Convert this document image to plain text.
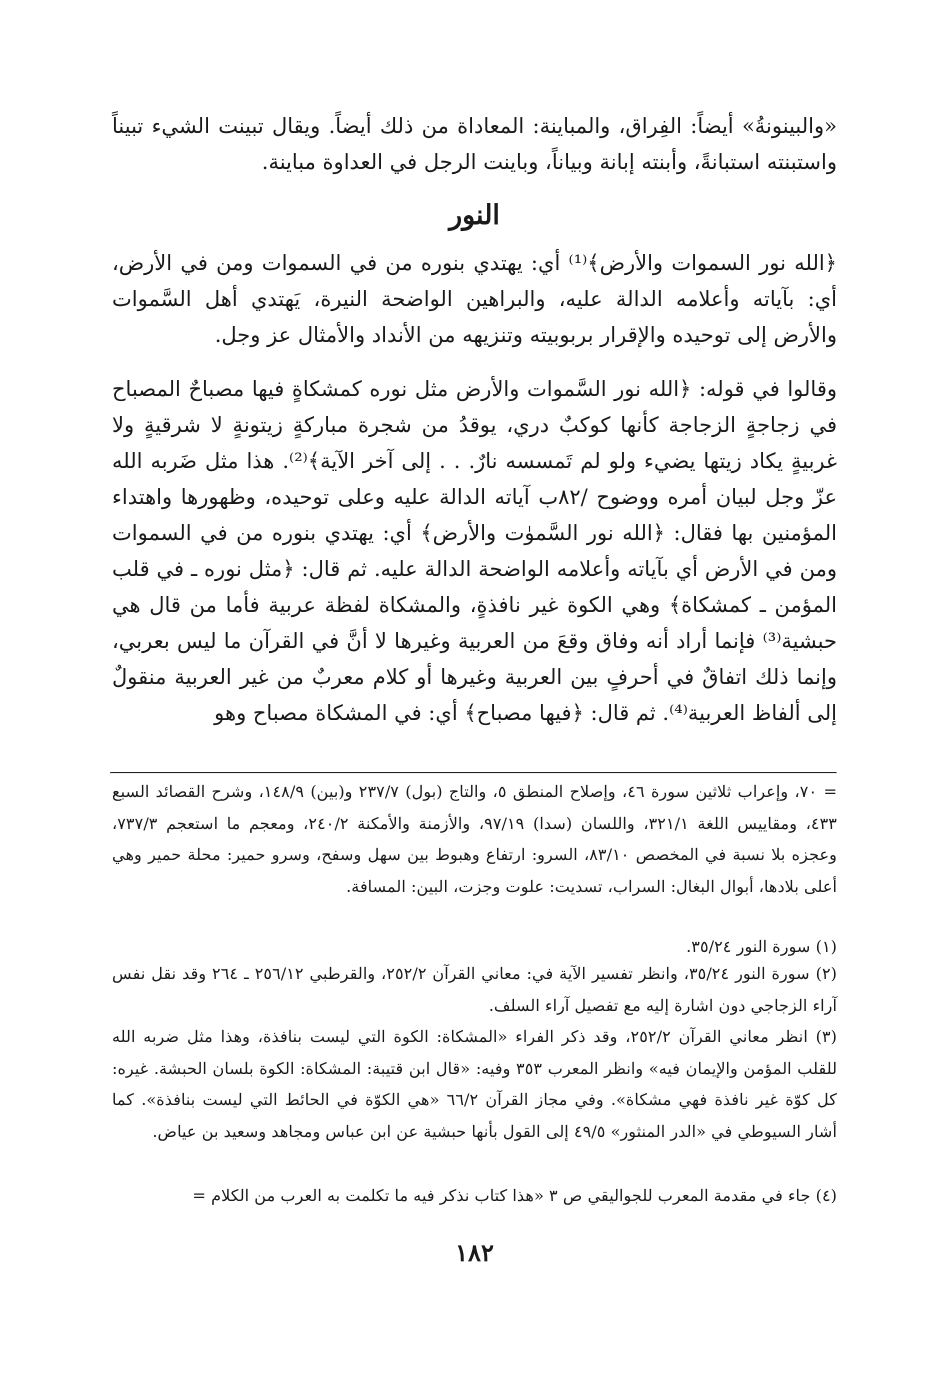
«والبينونةُ» أيضاً: الفِراق، والمباينة: المعاداة من ذلك أيضاً. ويقال تبينت الشيء تبيناً واستبنته استبانةً، وأبنته إبانة وبياناً، وباينت الرجل في العداوة مباينة.

النور

﴿الله نور السموات والأرض﴾⁽¹⁾ أي: يهتدي بنوره من في السموات ومن في الأرض، أي: بآياته وأعلامه الدالة عليه، والبراهين الواضحة النيرة، يَهتدي أهل السَّموات والأرض إلى توحيده والإقرار بربوبيته وتنزيهه من الأنداد والأمثال عز وجل.

وقالوا في قوله: ﴿الله نور السَّموات والأرض مثل نوره كمشكاةٍ فيها مصباحٌ المصباح في زجاجةٍ الزجاجة كأنها كوكبٌ دري، يوقدُ من شجرة مباركةٍ زيتونةٍ لا شرقيةٍ ولا غربيةٍ يكاد زيتها يضيء ولو لم تَمسسه نارٌ. . . إلى آخر الآية﴾⁽²⁾. هذا مثل ضَربه الله عزّ وجل لبيان أمره ووضوح /٨٢ب آياته الدالة عليه وعلى توحيده، وظهورها واهتداء المؤمنين بها فقال: ﴿الله نور السَّموٰت والأرض﴾ أي: يهتدي بنوره من في السموات ومن في الأرض أي بآياته وأعلامه الواضحة الدالة عليه. ثم قال: ﴿مثل نوره ـ في قلب المؤمن ـ كمشكاة﴾ وهي الكوة غير نافذةٍ، والمشكاة لفظة عربية فأما من قال هي حبشية⁽³⁾ فإنما أراد أنه وفاق وقعَ من العربية وغيرها لا أنَّ في القرآن ما ليس بعربي، وإنما ذلك اتفاقٌ في أحرفٍ بين العربية وغيرها أو كلام معربٌ من غير العربية منقولٌ إلى ألفاظ العربية⁽⁴⁾. ثم قال: ﴿فيها مصباح﴾ أي: في المشكاة مصباح وهو

= ٧٠، وإعراب ثلاثين سورة ٤٦، وإصلاح المنطق ٥، والتاج (بول) ٢٣٧/٧ و(بين) ١٤٨/٩، وشرح القصائد السبع ٤٣٣، ومقاييس اللغة ٣٢١/١، واللسان (سدا) ٩٧/١٩، والأزمنة والأمكنة ٢٤٠/٢، ومعجم ما استعجم ٧٣٧/٣، وعجزه بلا نسبة في المخصص ٨٣/١٠، السرو: ارتفاع وهبوط بين سهل وسفح، وسرو حمير: محلة حمير وهي أعلى بلادها، أبوال البغال: السراب، تسديت: علوت وجزت، البين: المسافة.

(١) سورة النور ٣٥/٢٤.

(٢) سورة النور ٣٥/٢٤، وانظر تفسير الآية في: معاني القرآن ٢٥٢/٢، والقرطبي ٢٥٦/١٢ ـ ٢٦٤ وقد نقل نفس آراء الزجاجي دون اشارة إليه مع تفصيل آراء السلف.

(٣) انظر معاني القرآن ٢٥٢/٢، وقد ذكر الفراء «المشكاة: الكوة التي ليست بنافذة، وهذا مثل ضربه الله للقلب المؤمن والإيمان فيه» وانظر المعرب ٣٥٣ وفيه: «قال ابن قتيبة: المشكاة: الكوة بلسان الحبشة. غيره: كل كوّة غير نافذة فهي مشكاة». وفي مجاز القرآن ٦٦/٢ «هي الكوّة في الحائط التي ليست بنافذة». كما أشار السيوطي في «الدر المنثور» ٤٩/٥ إلى القول بأنها حبشية عن ابن عباس ومجاهد وسعيد بن عياض.

(٤) جاء في مقدمة المعرب للجواليقي ص ٣ «هذا كتاب نذكر فيه ما تكلمت به العرب من الكلام =

١٨٢
